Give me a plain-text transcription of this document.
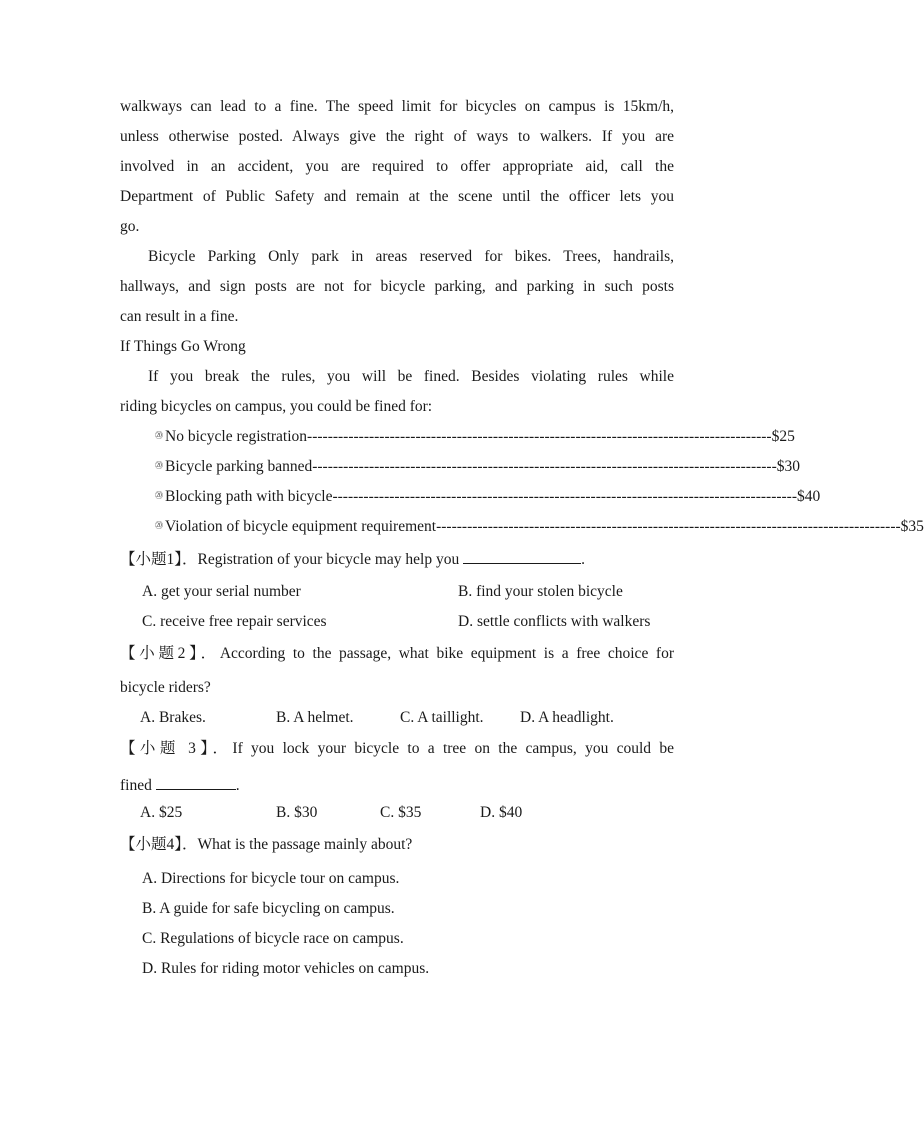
walkways can lead to a fine. The speed limit for bicycles on campus is 15km/h,
unless otherwise posted. Always give the right of ways to walkers. If you are
involved in an accident, you are required to offer appropriate aid, call the
Department of Public Safety and remain at the scene until the officer lets you
go.
Bicycle Parking Only park in areas reserved for bikes. Trees, handrails,
hallways, and sign posts are not for bicycle parking, and parking in such posts
can result in a fine.
If Things Go Wrong
If you break the rules, you will be fined. Besides violating rules while
riding bicycles on campus, you could be fined for:
⑳ No bicycle registration ------------------------------------------------------------------------------------------ $25
⑳ Bicycle parking banned ------------------------------------------------------------------------------------------ $30
⑳ Blocking path with bicycle ------------------------------------------------------------------------------------------ $40
⑳ Violation of bicycle equipment requirement ------------------------------------------------------------------------------------------ $35
【小题1】．Registration of your bicycle may help you	.
A. get your serial number	B. find your stolen bicycle
C. receive free repair services	D. settle conflicts with walkers
【小题2】．According to the passage, what bike equipment is a free choice for
bicycle riders?
A. Brakes.	B. A helmet.	C. A taillight. D. A headlight.
【小题 3】．If you lock your bicycle to a tree on the campus, you could be
fined	.
A. $25	B. $30	C. $35	D. $40
【小题4】．What is the passage mainly about?
A. Directions for bicycle tour on campus.
B. A guide for safe bicycling on campus.
C. Regulations of bicycle race on campus.
D. Rules for riding motor vehicles on campus.
